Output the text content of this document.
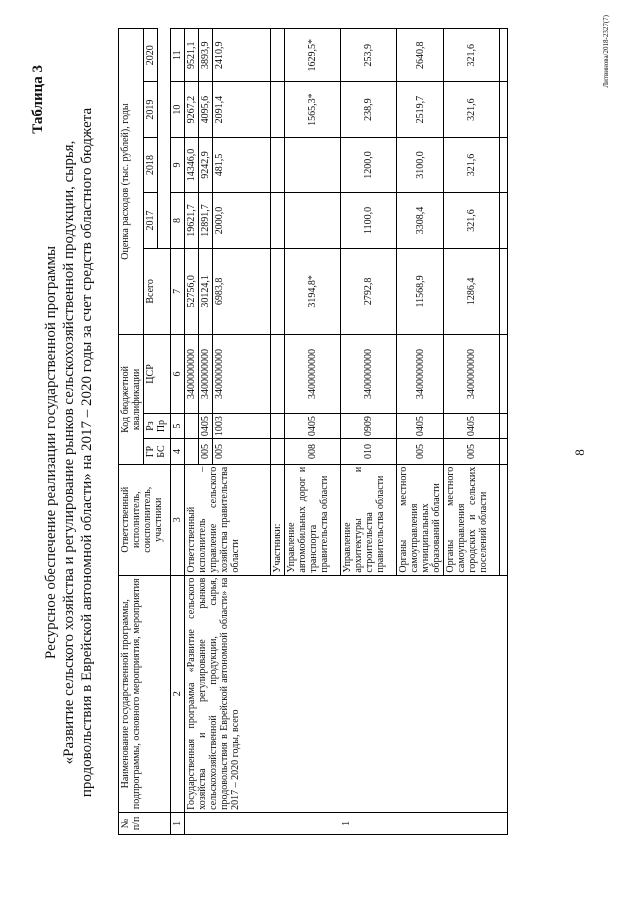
8
Таблица 3
Ресурсное обеспечение реализации государственной программы «Развитие сельского хозяйства и регулирование рынков сельскохозяйственной продукции, сырья, продовольствия в Еврейской автономной области» на 2017 – 2020 годы за счет средств областного бюджета
№ п/п	Наименование государственной программы, подпрограммы, основного мероприятия, мероприятия	Ответственный исполнитель, соисполнитель, участники	Код бюджетной квалификации			Оценка расходов (тыс. рублей), годы				
			ГР БС	Рз Пр	ЦСР	Всего	2017	2018	2019	2020

1	2	3	4	5	6	7	8	9	10	11
1	Государственная программа «Развитие сельского хозяйства и регулирование рынков сельскохозяйственной продукции, сырья, продовольствия в Еврейской автономной области» на 2017 – 2020 годы, всего	Ответственный исполнитель – управление сельского хозяйства правительства области			3400000000	52756,0	19621,7	14346,0	9267,2	9521,1
			005	0405	3400000000	30124,1	12891,7	9242,9	4095,6	3893,9
			005	1003	3400000000	6983,8	2000,0	481,5	2091,4	2410,9
		Участники:								
		Управление автомобильных дорог и транспорта правительства области	008	0405	3400000000	3194,8*			1565,3*	1629,5*
		Управление архитектуры и строительства правительства области	010	0909	3400000000	2792,8	1100,0	1200,0	238,9	253,9
		Органы местного самоуправления муниципальных образований области	005	0405	3400000000	11568,9	3308,4	3100,0	2519,7	2640,8
		Органы местного самоуправления городских и сельских поселений области	005	0405	3400000000	1286,4	321,6	321,6	321,6	321,6
									Литвинова/2018-2327(7)
